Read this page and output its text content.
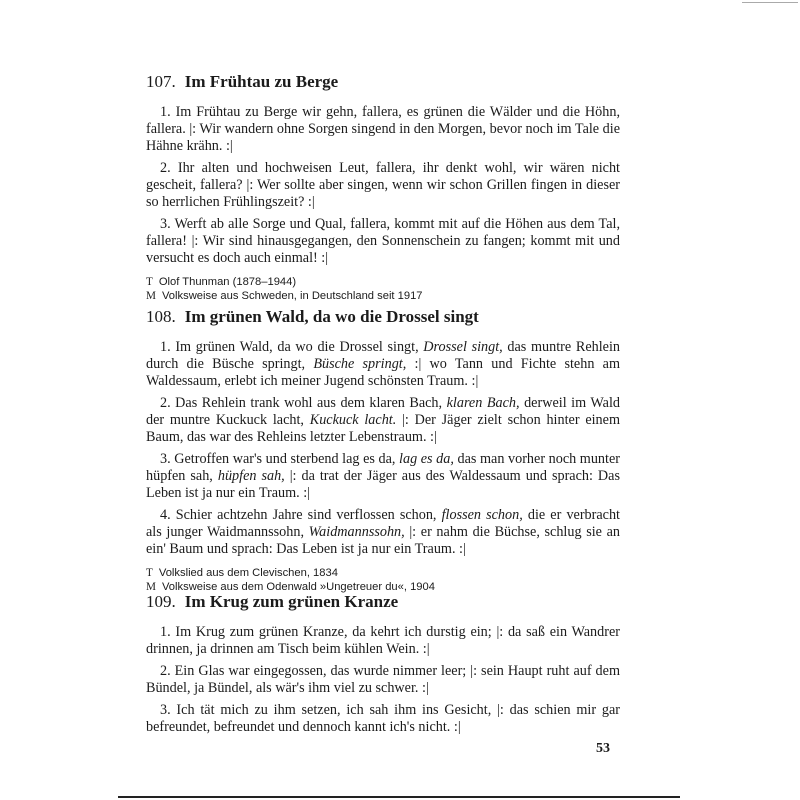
107. Im Frühtau zu Berge

1. Im Frühtau zu Berge wir gehn, fallera, es grünen die Wälder und die Höhn, fallera. |: Wir wandern ohne Sorgen singend in den Morgen, bevor noch im Tale die Hähne krähn. :|

2. Ihr alten und hochweisen Leut, fallera, ihr denkt wohl, wir wären nicht gescheit, fallera? |: Wer sollte aber singen, wenn wir schon Grillen fingen in dieser so herrlichen Frühlingszeit? :|

3. Werft ab alle Sorge und Qual, fallera, kommt mit auf die Höhen aus dem Tal, fallera! |: Wir sind hinausgegangen, den Sonnenschein zu fangen; kommt mit und versucht es doch auch einmal! :|

T Olof Thunman (1878–1944)

M Volksweise aus Schweden, in Deutschland seit 1917

108. Im grünen Wald, da wo die Drossel singt

1. Im grünen Wald, da wo die Drossel singt, Drossel singt, das muntre Rehlein durch die Büsche springt, Büsche springt, :| wo Tann und Fichte stehn am Waldessaum, erlebt ich meiner Jugend schönsten Traum. :|

2. Das Rehlein trank wohl aus dem klaren Bach, klaren Bach, derweil im Wald der muntre Kuckuck lacht, Kuckuck lacht. |: Der Jäger zielt schon hinter einem Baum, das war des Rehleins letzter Lebenstraum. :|

3. Getroffen war's und sterbend lag es da, lag es da, das man vorher noch munter hüpfen sah, hüpfen sah, |: da trat der Jäger aus des Waldessaum und sprach: Das Leben ist ja nur ein Traum. :|

4. Schier achtzehn Jahre sind verflossen schon, flossen schon, die er verbracht als junger Waidmannssohn, Waidmannssohn, |: er nahm die Büchse, schlug sie an ein' Baum und sprach: Das Leben ist ja nur ein Traum. :|

T Volkslied aus dem Clevischen, 1834

M Volksweise aus dem Odenwald »Ungetreuer du«, 1904

109. Im Krug zum grünen Kranze

1. Im Krug zum grünen Kranze, da kehrt ich durstig ein; |: da saß ein Wandrer drinnen, ja drinnen am Tisch beim kühlen Wein. :|

2. Ein Glas war eingegossen, das wurde nimmer leer; |: sein Haupt ruht auf dem Bündel, ja Bündel, als wär's ihm viel zu schwer. :|

3. Ich tät mich zu ihm setzen, ich sah ihm ins Gesicht, |: das schien mir gar befreundet, befreundet und dennoch kannt ich's nicht. :|

53
